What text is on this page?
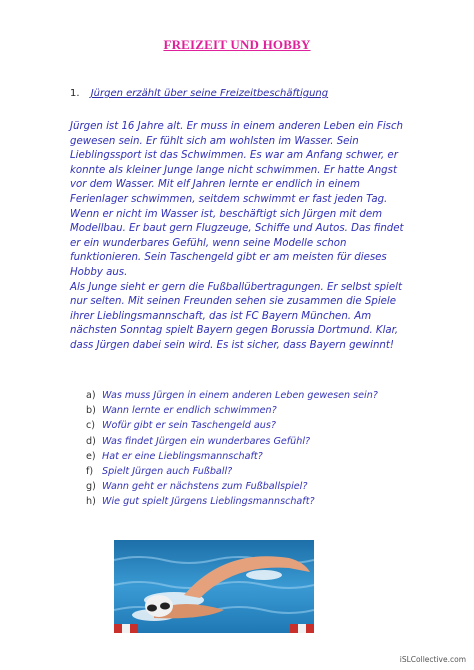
FREIZEIT UND HOBBY
1. Jürgen erzählt über seine Freizeitbeschäftigung

Jürgen ist 16 Jahre alt. Er muss in einem anderen Leben ein Fisch gewesen sein. Er fühlt sich am wohlsten im Wasser. Sein Lieblingssport ist das Schwimmen. Es war am Anfang schwer, er konnte als kleiner Junge lange nicht schwimmen. Er hatte Angst vor dem Wasser. Mit elf Jahren lernte er endlich in einem Ferienlager schwimmen, seitdem schwimmt er fast jeden Tag. Wenn er nicht im Wasser ist, beschäftigt sich Jürgen mit dem Modellbau. Er baut gern Flugzeuge, Schiffe und Autos. Das findet er ein wunderbares Gefühl, wenn seine Modelle schon funktionieren. Sein Taschengeld gibt er am meisten für dieses Hobby aus.

Als Junge sieht er gern die Fußballübertragungen. Er selbst spielt nur selten. Mit seinen Freunden sehen sie zusammen die Spiele ihrer Lieblingsmannschaft, das ist FC Bayern München. Am nächsten Sonntag spielt Bayern gegen Borussia Dortmund. Klar, dass Jürgen dabei sein wird. Es ist sicher, dass Bayern gewinnt!

a) Was muss Jürgen in einem anderen Leben gewesen sein?
b) Wann lernte er endlich schwimmen?
c) Wofür gibt er sein Taschengeld aus?
d) Was findet Jürgen ein wunderbares Gefühl?
e) Hat er eine Lieblingsmannschaft?
f) Spielt Jürgen auch Fußball?
g) Wann geht er nächstens zum Fußballspiel?
h) Wie gut spielt Jürgens Lieblingsmannschaft?
iSLCollective.com
